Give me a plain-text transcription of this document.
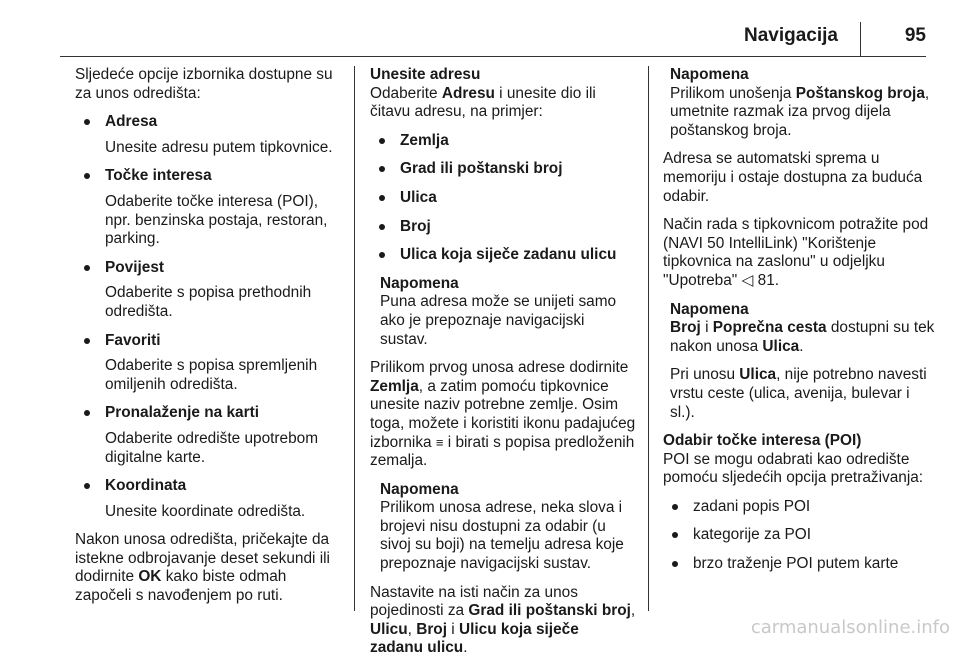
Navigacija	95

Sljedeće opcije izbornika dostupne su za unos odredišta:

Adresa
Unesite adresu putem tipkovnice.
Točke interesa
Odaberite točke interesa (POI), npr. benzinska postaja, restoran, parking.
Povijest
Odaberite s popisa prethodnih odredišta.
Favoriti
Odaberite s popisa spremljenih omiljenih odredišta.
Pronalaženje na karti
Odaberite odredište upotrebom digitalne karte.
Koordinata
Unesite koordinate odredišta.

Nakon unosa odredišta, pričekajte da istekne odbrojavanje deset sekundi ili dodirnite OK kako biste odmah započeli s navođenjem po ruti.

Unesite adresu

Odaberite Adresu i unesite dio ili čitavu adresu, na primjer:

Zemlja
Grad ili poštanski broj
Ulica
Broj
Ulica koja siječe zadanu ulicu
Napomena
Puna adresa može se unijeti samo ako je prepoznaje navigacijski sustav.

Prilikom prvog unosa adrese dodirnite Zemlja, a zatim pomoću tipkovnice unesite naziv potrebne zemlje. Osim toga, možete i koristiti ikonu padajućeg izbornika ≡ i birati s popisa predloženih zemalja.

Napomena
Prilikom unosa adrese, neka slova i brojevi nisu dostupni za odabir (u sivoj su boji) na temelju adresa koje prepoznaje navigacijski sustav.

Nastavite na isti način za unos pojedinosti za Grad ili poštanski broj, Ulicu, Broj i Ulicu koja siječe zadanu ulicu.

Napomena
Prilikom unošenja Poštanskog broja, umetnite razmak iza prvog dijela poštanskog broja.

Adresa se automatski sprema u memoriju i ostaje dostupna za buduća odabir.

Način rada s tipkovnicom potražite pod (NAVI 50 IntelliLink) "Korištenje tipkovnica na zaslonu" u odjeljku "Upotreba" ◁ 81.

Napomena
Broj i Poprečna cesta dostupni su tek nakon unosa Ulica.
Pri unosu Ulica, nije potrebno navesti vrstu ceste (ulica, avenija, bulevar i sl.).
Odabir točke interesa (POI)

POI se mogu odabrati kao odredište pomoću sljedećih opcija pretraživanja:

zadani popis POI
kategorije za POI
brzo traženje POI putem karte
carmanualsonline.info
